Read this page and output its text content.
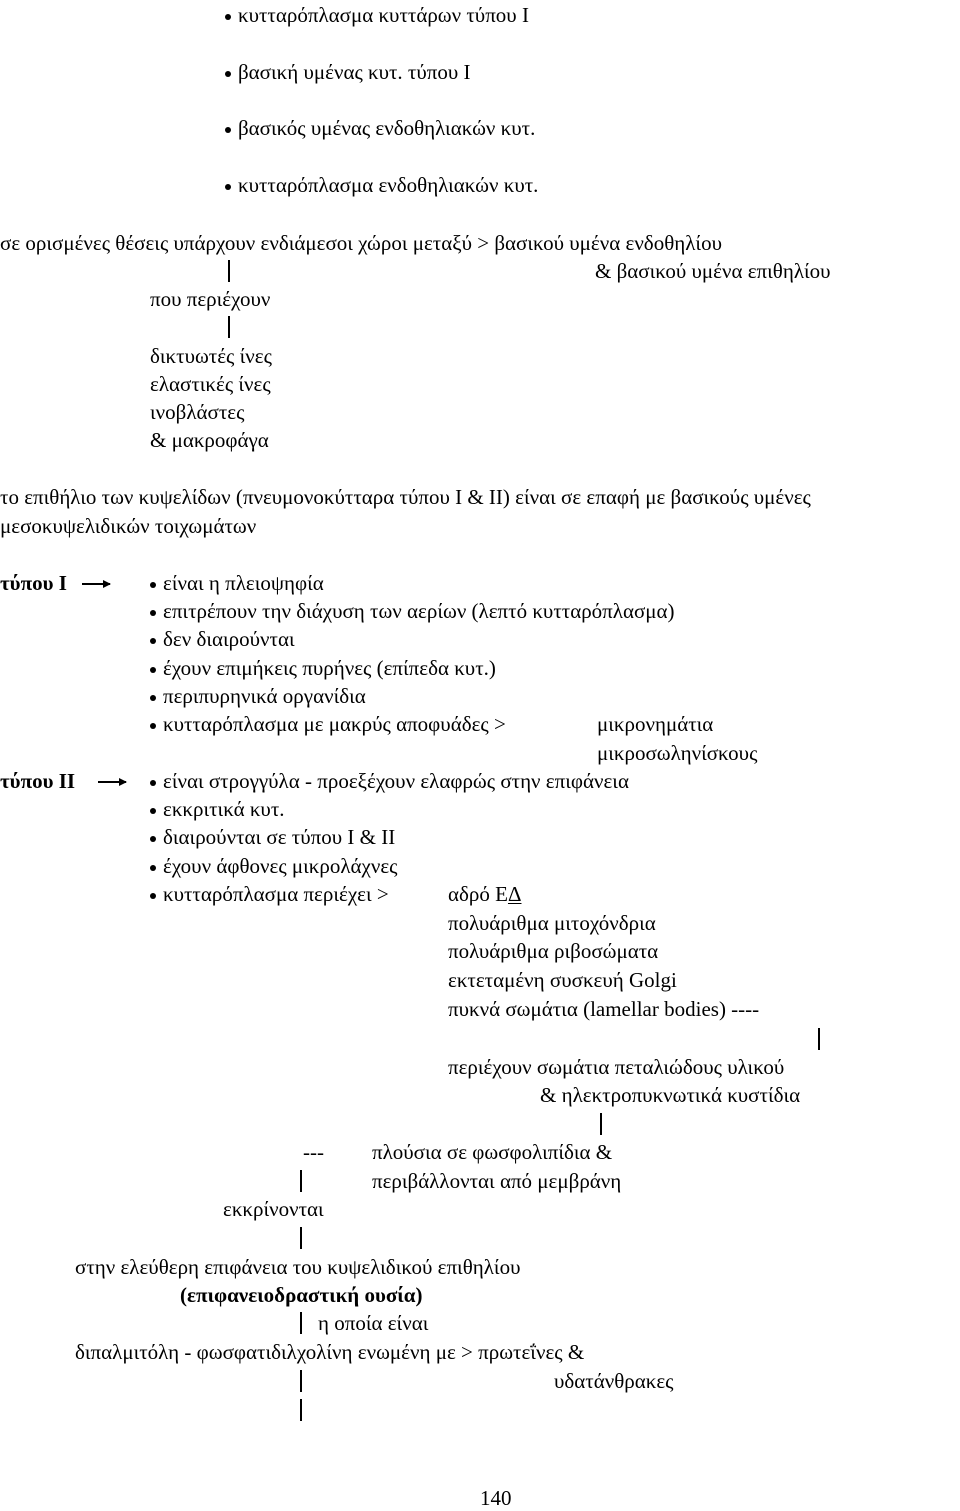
κυτταρόπλασμα κυττάρων τύπου Ι
βασική υμένας κυτ. τύπου Ι
βασικός υμένας ενδοθηλιακών κυτ.
κυτταρόπλασμα ενδοθηλιακών κυτ.
σε ορισμένες θέσεις υπάρχουν ενδιάμεσοι χώροι μεταξύ > βασικού υμένα ενδοθηλίου
& βασικού υμένα επιθηλίου
που περιέχουν
δικτυωτές ίνες
ελαστικές ίνες
ινοβλάστες
& μακροφάγα
το επιθήλιο των κυψελίδων (πνευμονοκύτταρα τύπου Ι & ΙΙ) είναι σε επαφή με βασικούς υμένες
μεσοκυψελιδικών τοιχωμάτων
τύπου Ι	είναι η πλειοψηφία
επιτρέπουν την διάχυση των αερίων (λεπτό κυτταρόπλασμα)
δεν διαιρούνται
έχουν επιμήκεις πυρήνες (επίπεδα κυτ.)
περιπυρηνικά οργανίδια
κυτταρόπλασμα με μακρύς αποφυάδες >	μικρονημάτια
μικροσωληνίσκους
τύπου ΙΙ	είναι στρογγύλα - προεξέχουν ελαφρώς στην επιφάνεια
εκκριτικά κυτ.
διαιρούνται σε τύπου Ι & ΙΙ
έχουν άφθονες μικρολάχνες
κυτταρόπλασμα περιέχει >	αδρό ΕΔ
πολυάριθμα μιτοχόνδρια
πολυάριθμα ριβοσώματα
εκτεταμένη συσκευή Golgi
πυκνά σωμάτια (lamellar bodies) ----
περιέχουν σωμάτια πεταλιώδους υλικού
& ηλεκτροπυκνωτικά κυστίδια
--- πλούσια σε φωσφολιπίδια &
περιβάλλονται από μεμβράνη
εκκρίνονται
στην ελεύθερη επιφάνεια του κυψελιδικού επιθηλίου
(επιφανειοδραστική ουσία)
η οποία είναι
διπαλμιτόλη - φωσφατιδιλχολίνη ενωμένη με > πρωτεΐνες &
υδατάνθρακες
140
